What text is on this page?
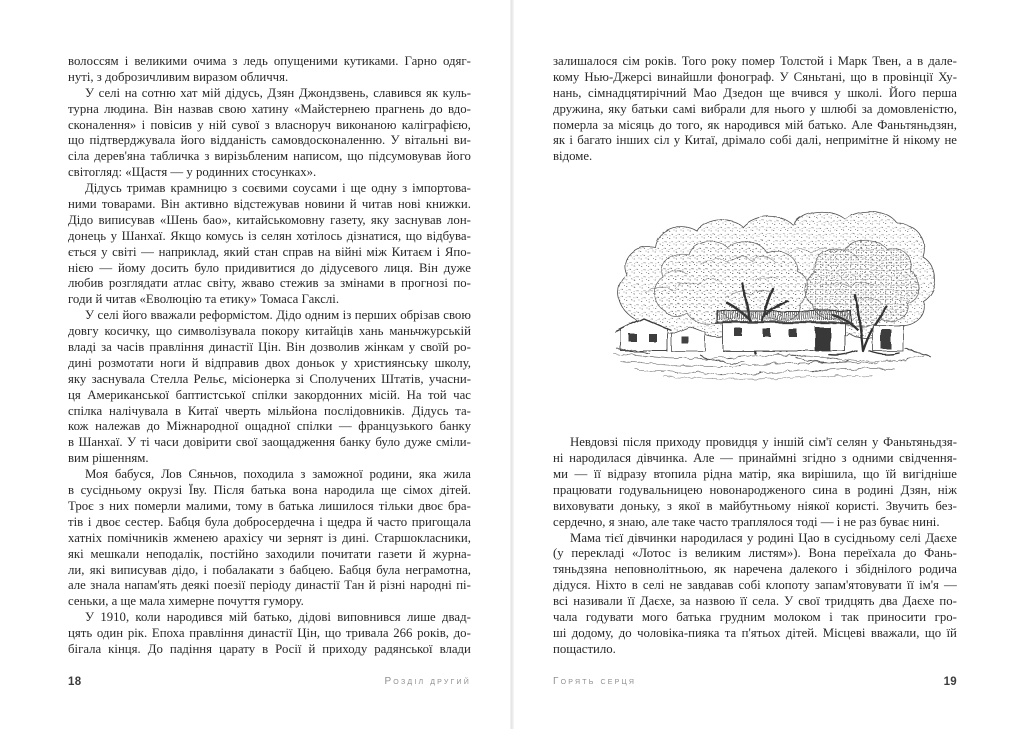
волоссям і великими очима з ледь опущеними кутиками. Гарно одяг-
нуті, з доброзичливим виразом обличчя.

У селі на сотню хат мій дідусь, Дзян Джондзвень, славився як куль-
турна людина. Він назвав свою хатину «Майстернею прагнень до вдо-
сконалення» і повісив у ній сувої з власноруч виконаною каліграфією,
що підтверджувала його відданість самовдосконаленню. У вітальні ви-
сіла дерев'яна табличка з вирізьбленим написом, що підсумовував його
світогляд: «Щастя — у родинних стосунках».

Дідусь тримав крамницю з соєвими соусами і ще одну з імпортова-
ними товарами. Він активно відстежував новини й читав нові книжки.
Дідо виписував «Шень бао», китайськомовну газету, яку заснував лон-
донець у Шанхаї. Якщо комусь із селян хотілось дізнатися, що відбува-
ється у світі — наприклад, який стан справ на війні між Китаєм і Япо-
нією — йому досить було придивитися до дідусевого лиця. Він дуже
любив розглядати атлас світу, жваво стежив за змінами в прогнозі по-
годи й читав «Еволюцію та етику» Томаса Гакслі.

У селі його вважали реформістом. Дідо одним із перших обрізав свою
довгу косичку, що символізувала покору китайців хань маньчжурській
владі за часів правління династії Цін. Він дозволив жінкам у своїй ро-
дині розмотати ноги й відправив двох доньок у християнську школу,
яку заснувала Стелла Рельє, місіонерка зі Сполучених Штатів, учасни-
ця Американської баптистської спілки закордонних місій. На той час
спілка налічувала в Китаї чверть мільйона послідовників. Дідусь та-
кож належав до Міжнародної ощадної спілки — французького банку
в Шанхаї. У ті часи довірити свої заощадження банку було дуже сміли-
вим рішенням.

Моя бабуся, Лов Сяньчов, походила з заможної родини, яка жила
в сусідньому окрузі Їву. Після батька вона народила ще сімох дітей.
Троє з них померли малими, тому в батька лишилося тільки двоє бра-
тів і двоє сестер. Бабця була добросердечна і щедра й часто пригощала
хатніх помічників жменею арахісу чи зернят із дині. Старшокласники,
які мешкали неподалік, постійно заходили почитати газети й журна-
ли, які виписував дідо, і побалакати з бабцею. Бабця була неграмотна,
але знала напам'ять деякі поезії періоду династії Тан й різні народні пі-
сеньки, а ще мала химерне почуття гумору.

У 1910, коли народився мій батько, дідові виповнився лише двад-
цять один рік. Епоха правління династії Цін, що тривала 266 років, до-
бігала кінця. До падіння царату в Росії й приходу радянської влади

18	Розділ другий

залишалося сім років. Того року помер Толстой і Марк Твен, а в дале-
кому Нью-Джерсі винайшли фонограф. У Сяньтані, що в провінції Ху-
нань, сімнадцятирічний Мао Дзедон ще вчився у школі. Його перша
дружина, яку батьки самі вибрали для нього у шлюбі за домовленістю,
померла за місяць до того, як народився мій батько. Але Фаньтяньдзян,
як і багато інших сіл у Китаї, дрімало собі далі, непримітне й нікому не
відоме.

Невдовзі після приходу провидця у іншій сім'ї селян у Фаньтяньдзя-
ні народилася дівчинка. Але — принаймні згідно з одними свідчення-
ми — її відразу втопила рідна матір, яка вирішила, що їй вигідніше
працювати годувальницею новонародженого сина в родині Дзян, ніж
виховувати доньку, з якої в майбутньому ніякої користі. Звучить без-
сердечно, я знаю, але таке часто траплялося тоді — і не раз буває нині.

Мама тієї дівчинки народилася у родині Цао в сусідньому селі Даєхе
(у перекладі «Лотос із великим листям»). Вона переїхала до Фань-
тяньдзяна неповнолітньою, як наречена далекого і збіднілого родича
дідуся. Ніхто в селі не завдавав собі клопоту запам'ятовувати її ім'я —
всі називали її Даєхе, за назвою її села. У свої тридцять два Даєхе по-
чала годувати мого батька грудним молоком і так приносити гро-
ші додому, до чоловіка-пияка та п'ятьох дітей. Місцеві вважали, що їй
пощастило.

Горять серця	19
